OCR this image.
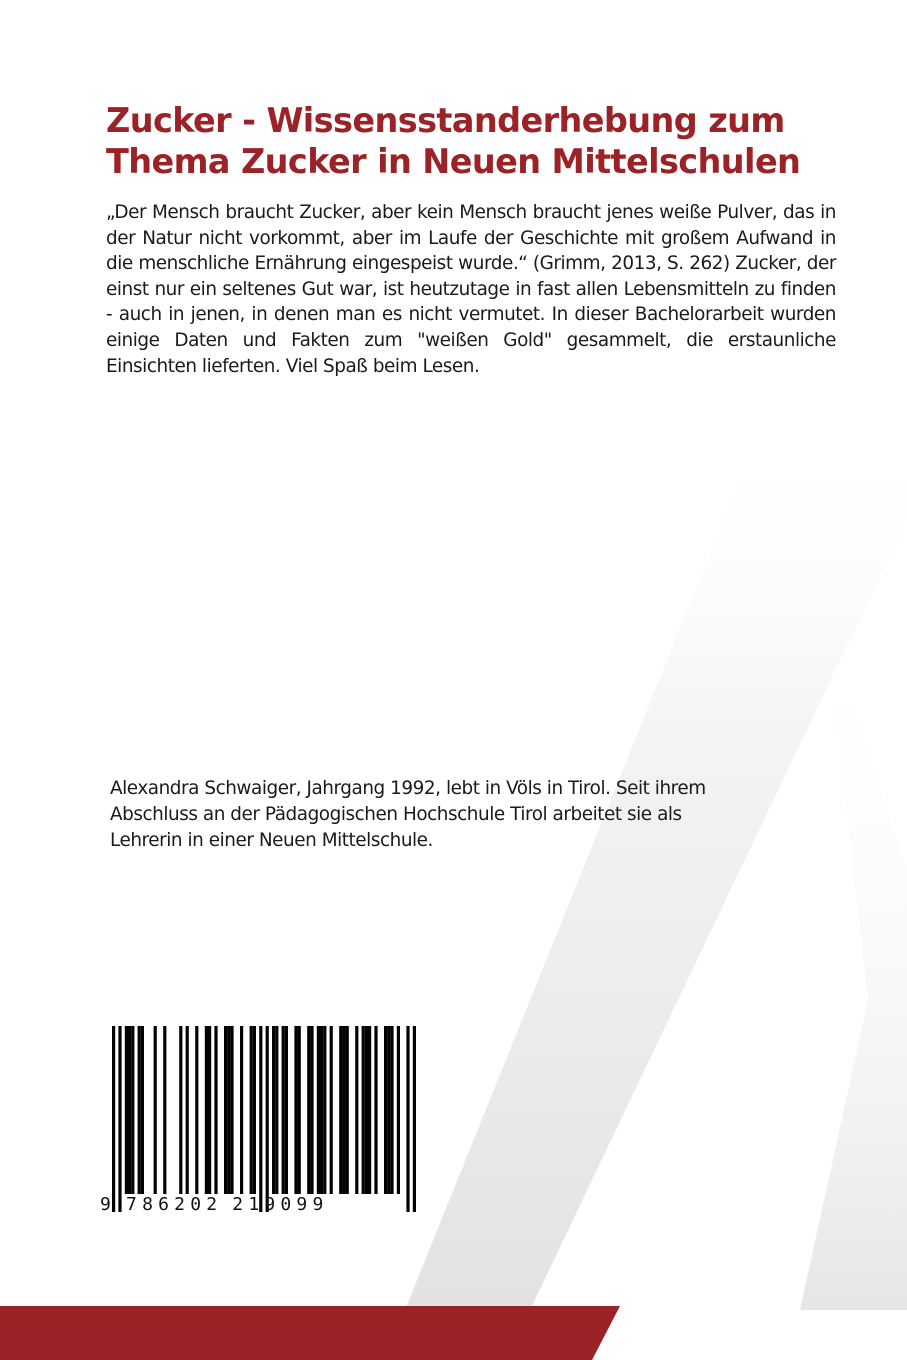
Zucker - Wissensstanderhebung zum
Thema Zucker in Neuen Mittelschulen

„Der Mensch braucht Zucker, aber kein Mensch braucht jenes weiße Pulver, das in der Natur nicht vorkommt, aber im Laufe der Geschichte mit großem Aufwand in die menschliche Ernährung eingespeist wurde.“ (Grimm, 2013, S. 262) Zucker, der einst nur ein seltenes Gut war, ist heutzutage in fast allen Lebensmitteln zu finden - auch in jenen, in denen man es nicht vermutet. In dieser Bachelorarbeit wurden einige Daten und Fakten zum "weißen Gold" gesammelt, die erstaunliche Einsichten lieferten. Viel Spaß beim Lesen.

Alexandra Schwaiger, Jahrgang 1992, lebt in Völs in Tirol. Seit ihrem
Abschluss an der Pädagogischen Hochschule Tirol arbeitet sie als
Lehrerin in einer Neuen Mittelschule.

9 786202 219099
